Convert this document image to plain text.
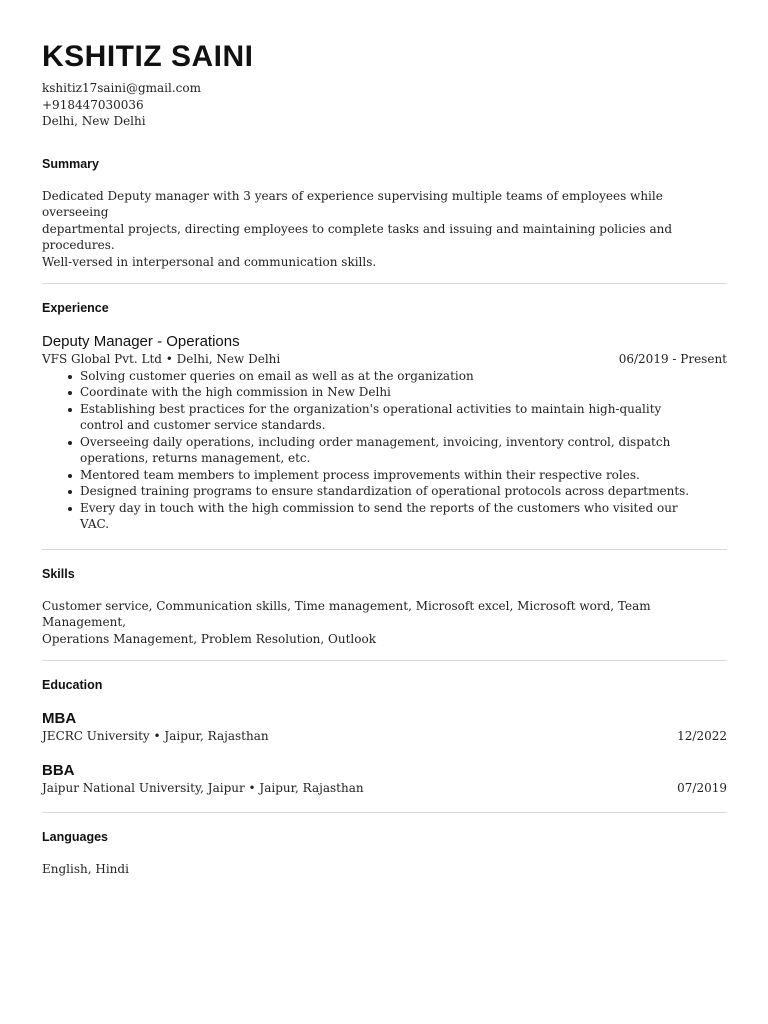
KSHITIZ SAINI
kshitiz17saini@gmail.com
+918447030036
Delhi, New Delhi
Summary
Dedicated Deputy manager with 3 years of experience supervising multiple teams of employees while overseeing
departmental projects, directing employees to complete tasks and issuing and maintaining policies and procedures.
Well-versed in interpersonal and communication skills.
Experience
Deputy Manager - Operations
VFS Global Pvt. Ltd • Delhi, New Delhi	06/2019 - Present
Solving customer queries on email as well as at the organization
Coordinate with the high commission in New Delhi
Establishing best practices for the organization's operational activities to maintain high-quality control and customer service standards.
Overseeing daily operations, including order management, invoicing, inventory control, dispatch operations, returns management, etc.
Mentored team members to implement process improvements within their respective roles.
Designed training programs to ensure standardization of operational protocols across departments.
Every day in touch with the high commission to send the reports of the customers who visited our VAC.
Skills
Customer service, Communication skills, Time management, Microsoft excel, Microsoft word, Team Management,
Operations Management, Problem Resolution, Outlook
Education
MBA
JECRC University • Jaipur, Rajasthan	12/2022
BBA
Jaipur National University, Jaipur • Jaipur, Rajasthan	07/2019
Languages
English, Hindi
